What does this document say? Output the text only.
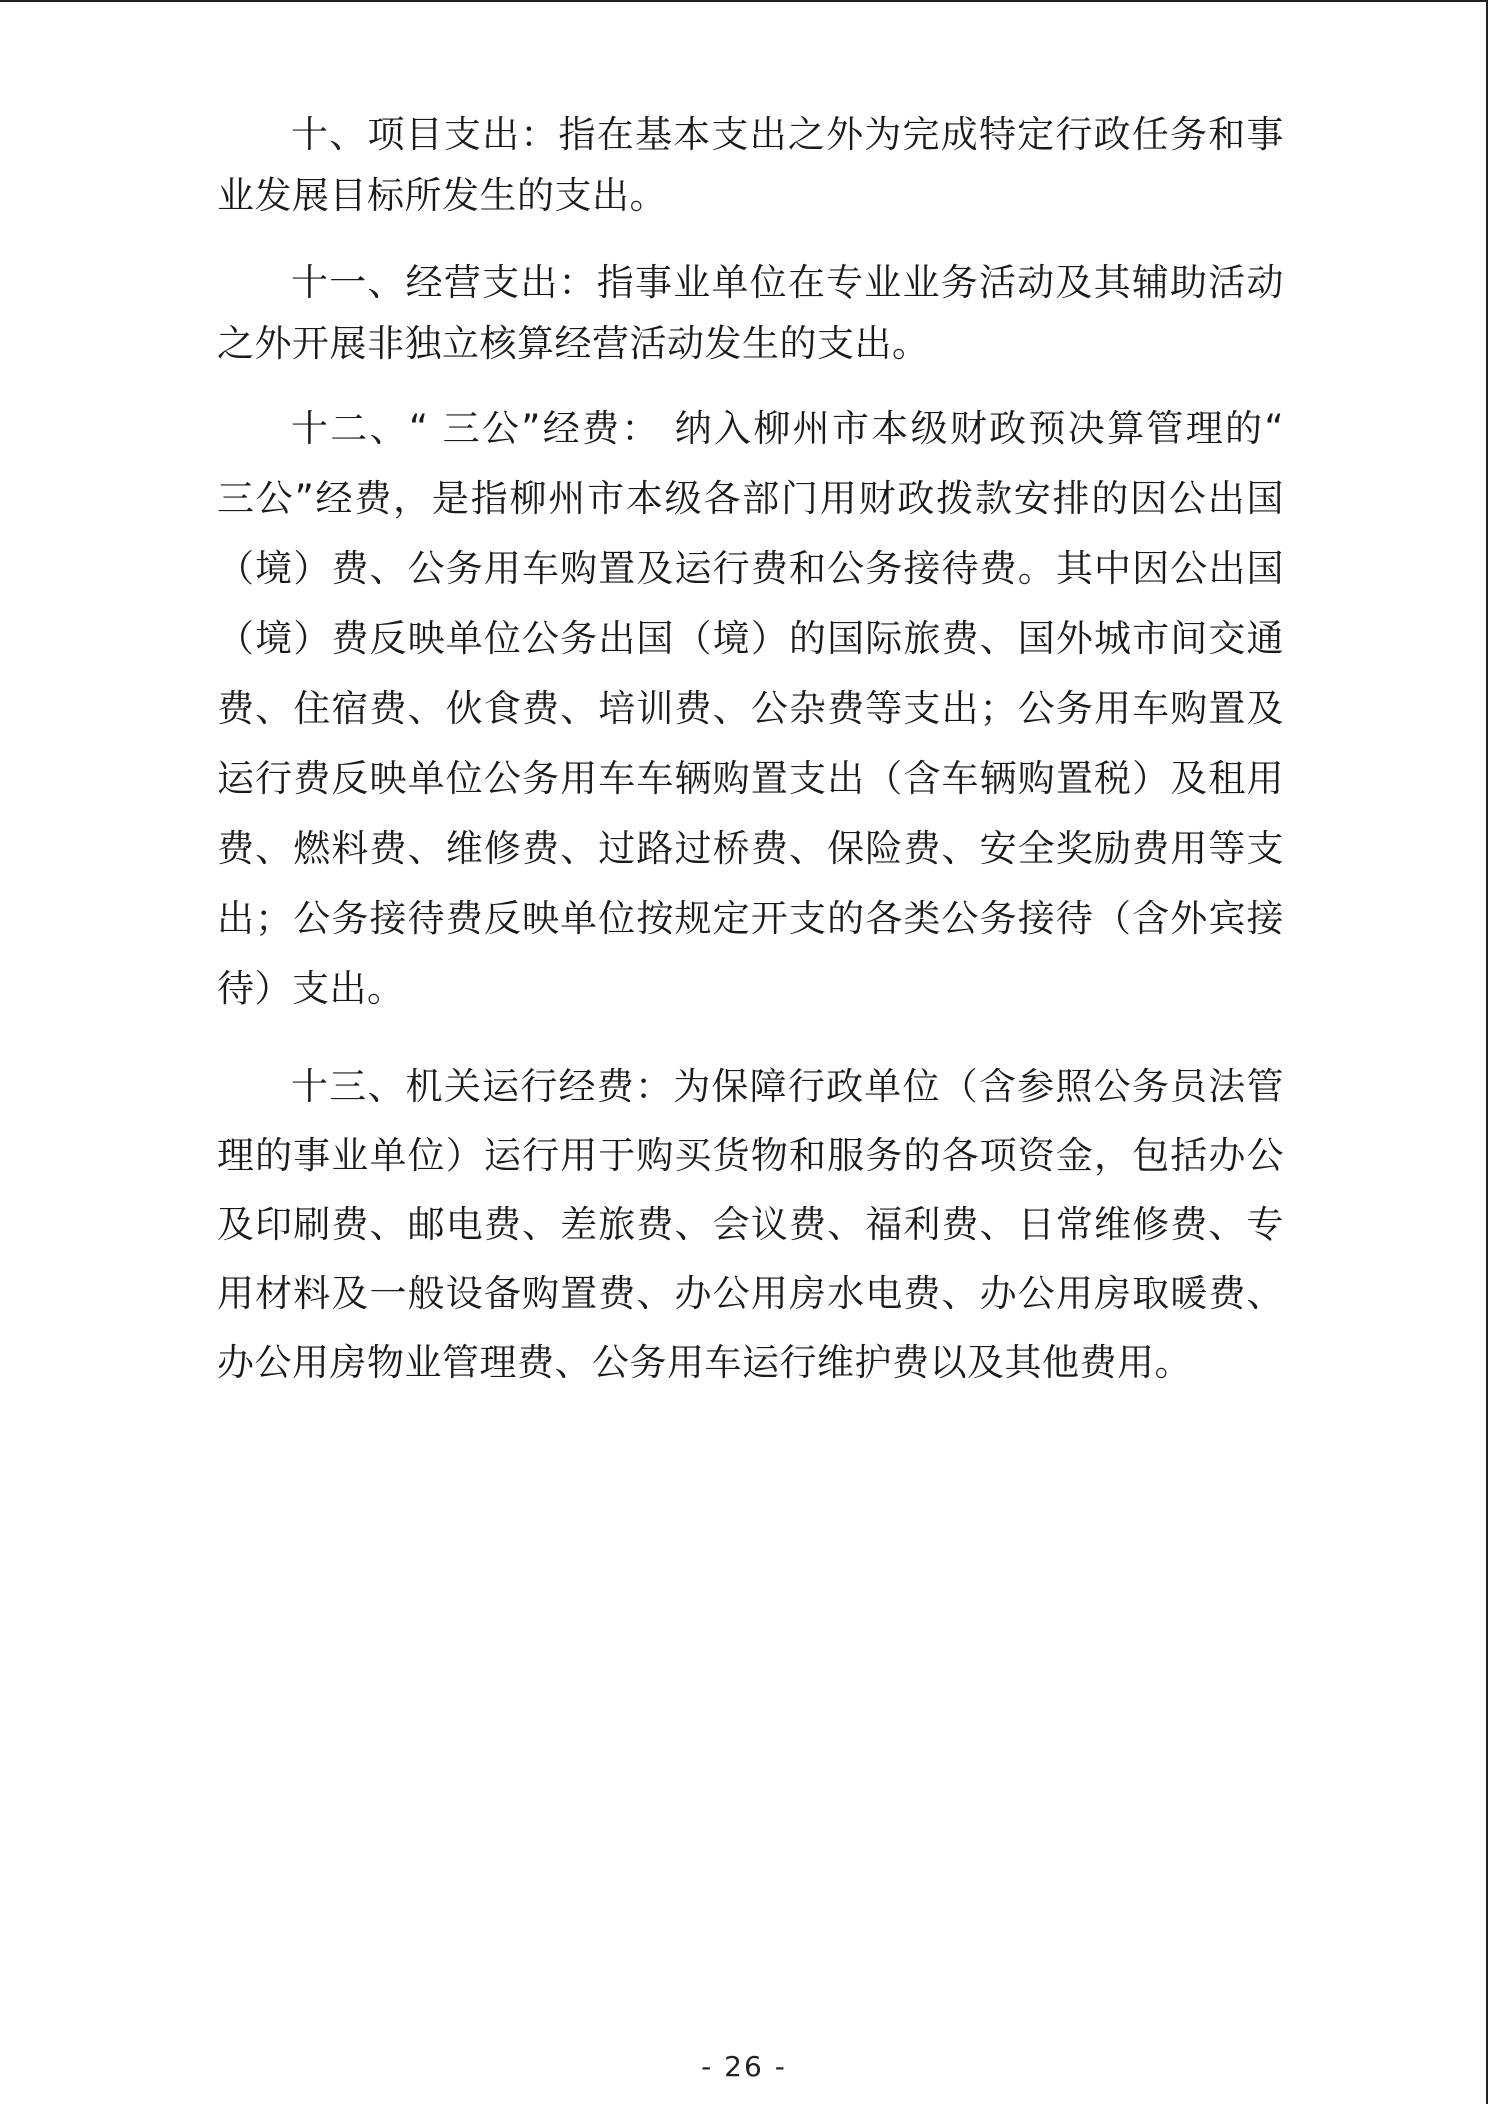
十、项目支出：指在基本支出之外为完成特定行政任务和事业发展目标所发生的支出。

十一、经营支出：指事业单位在专业业务活动及其辅助活动之外开展非独立核算经营活动发生的支出。

十二、“ 三公”经费： 纳入柳州市本级财政预决算管理的“ 三公”经费，是指柳州市本级各部门用财政拨款安排的因公出国（境）费、公务用车购置及运行费和公务接待费。其中因公出国（境）费反映单位公务出国（境）的国际旅费、国外城市间交通费、住宿费、伙食费、培训费、公杂费等支出；公务用车购置及运行费反映单位公务用车车辆购置支出（含车辆购置税）及租用费、燃料费、维修费、过路过桥费、保险费、安全奖励费用等支出；公务接待费反映单位按规定开支的各类公务接待（含外宾接待）支出。

十三、机关运行经费：为保障行政单位（含参照公务员法管理的事业单位）运行用于购买货物和服务的各项资金，包括办公及印刷费、邮电费、差旅费、会议费、福利费、日常维修费、专用材料及一般设备购置费、办公用房水电费、办公用房取暖费、办公用房物业管理费、公务用车运行维护费以及其他费用。

- 26 -
